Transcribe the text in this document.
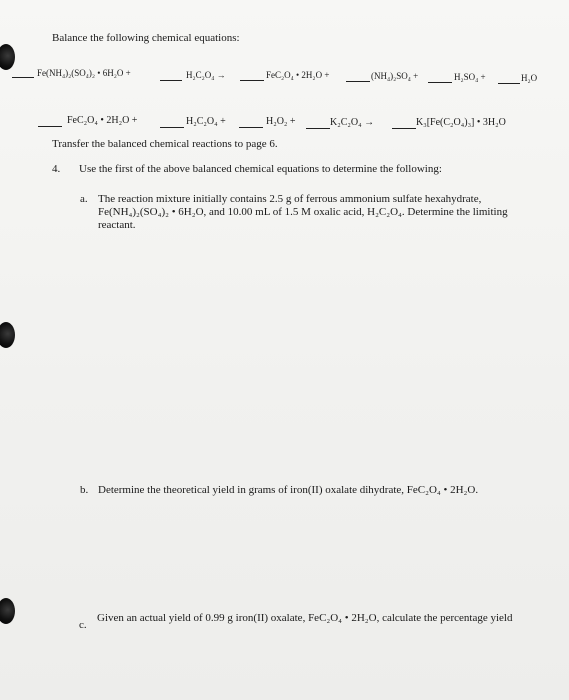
Balance the following chemical equations:
Fe(NH₄)₂(SO₄)₂ • 6H₂O +	H₂C₂O₄ →	FeC₂O₄ • 2H₂O +	(NH₄)₂SO₄ +	H₂SO₄ +	H₂O
FeC₂O₄ • 2H₂O +	H₂C₂O₄ +	H₂O₂ +	K₂C₂O₄ →	K₃[Fe(C₂O₄)₃] • 3H₂O
Transfer the balanced chemical reactions to page 6.
4. Use the first of the above balanced chemical equations to determine the following:
a. The reaction mixture initially contains 2.5 g of ferrous ammonium sulfate hexahydrate, Fe(NH₄)₂(SO₄)₂ • 6H₂O, and 10.00 mL of 1.5 M oxalic acid, H₂C₂O₄. Determine the limiting reactant.
b. Determine the theoretical yield in grams of iron(II) oxalate dihydrate, FeC₂O₄ • 2H₂O.
c.
Given an actual yield of 0.99 g iron(II) oxalate, FeC₂O₄ • 2H₂O, calculate the percentage yield
